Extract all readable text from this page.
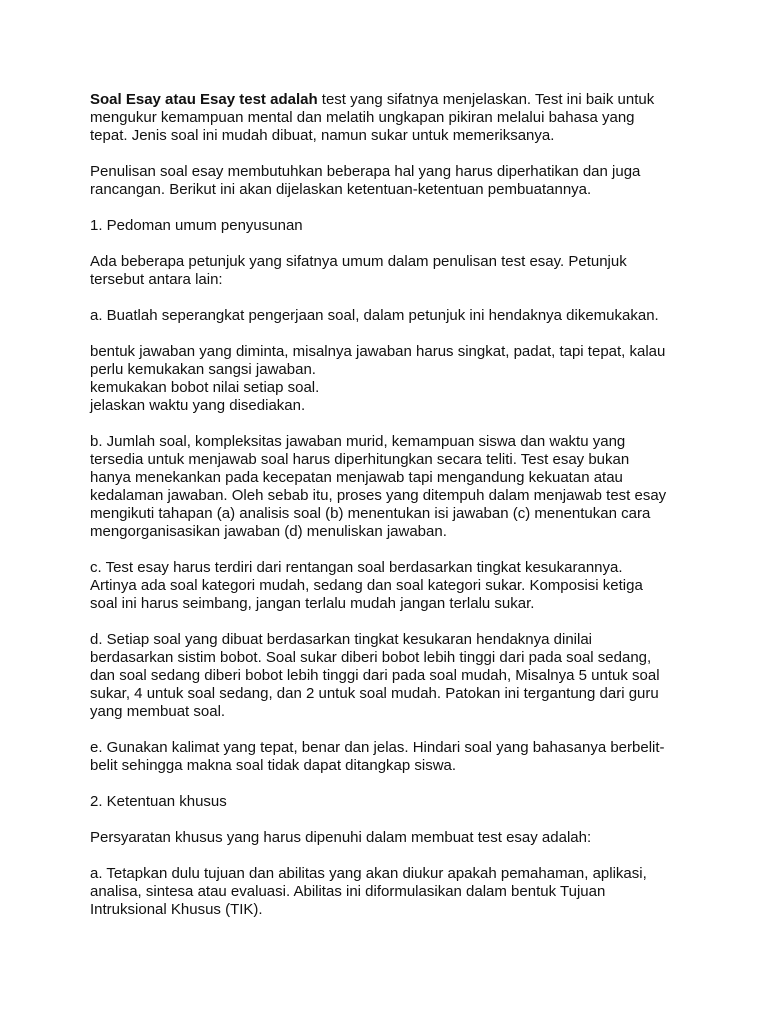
Soal Esay atau Esay test adalah test yang sifatnya menjelaskan. Test ini baik untuk
mengukur kemampuan mental dan melatih ungkapan pikiran melalui bahasa yang
tepat. Jenis soal ini mudah dibuat, namun sukar untuk memeriksanya.

Penulisan soal esay membutuhkan beberapa hal yang harus diperhatikan dan juga
rancangan. Berikut ini akan dijelaskan ketentuan-ketentuan pembuatannya.

1. Pedoman umum penyusunan

Ada beberapa petunjuk yang sifatnya umum dalam penulisan test esay. Petunjuk
tersebut antara lain:

a. Buatlah seperangkat pengerjaan soal, dalam petunjuk ini hendaknya dikemukakan.

bentuk jawaban yang diminta, misalnya jawaban harus singkat, padat, tapi tepat, kalau
perlu kemukakan sangsi jawaban.
kemukakan bobot nilai setiap soal.
jelaskan waktu yang disediakan.

b. Jumlah soal, kompleksitas jawaban murid, kemampuan siswa dan waktu yang
tersedia untuk menjawab soal harus diperhitungkan secara teliti. Test esay bukan
hanya menekankan pada kecepatan menjawab tapi mengandung kekuatan atau
kedalaman jawaban. Oleh sebab itu, proses yang ditempuh dalam menjawab test esay
mengikuti tahapan (a) analisis soal (b) menentukan isi jawaban (c) menentukan cara
mengorganisasikan jawaban (d) menuliskan jawaban.

c. Test esay harus terdiri dari rentangan soal berdasarkan tingkat kesukarannya.
Artinya ada soal kategori mudah, sedang dan soal kategori sukar. Komposisi ketiga
soal ini harus seimbang, jangan terlalu mudah jangan terlalu sukar.

d. Setiap soal yang dibuat berdasarkan tingkat kesukaran hendaknya dinilai
berdasarkan sistim bobot. Soal sukar diberi bobot lebih tinggi dari pada soal sedang,
dan soal sedang diberi bobot lebih tinggi dari pada soal mudah, Misalnya 5 untuk soal
sukar, 4 untuk soal sedang, dan 2 untuk soal mudah. Patokan ini tergantung dari guru
yang membuat soal.

e. Gunakan kalimat yang tepat, benar dan jelas. Hindari soal yang bahasanya berbelit-
belit sehingga makna soal tidak dapat ditangkap siswa.

2. Ketentuan khusus

Persyaratan khusus yang harus dipenuhi dalam membuat test esay adalah:

a. Tetapkan dulu tujuan dan abilitas yang akan diukur apakah pemahaman, aplikasi,
analisa, sintesa atau evaluasi. Abilitas ini diformulasikan dalam bentuk Tujuan
Intruksional Khusus (TIK).
